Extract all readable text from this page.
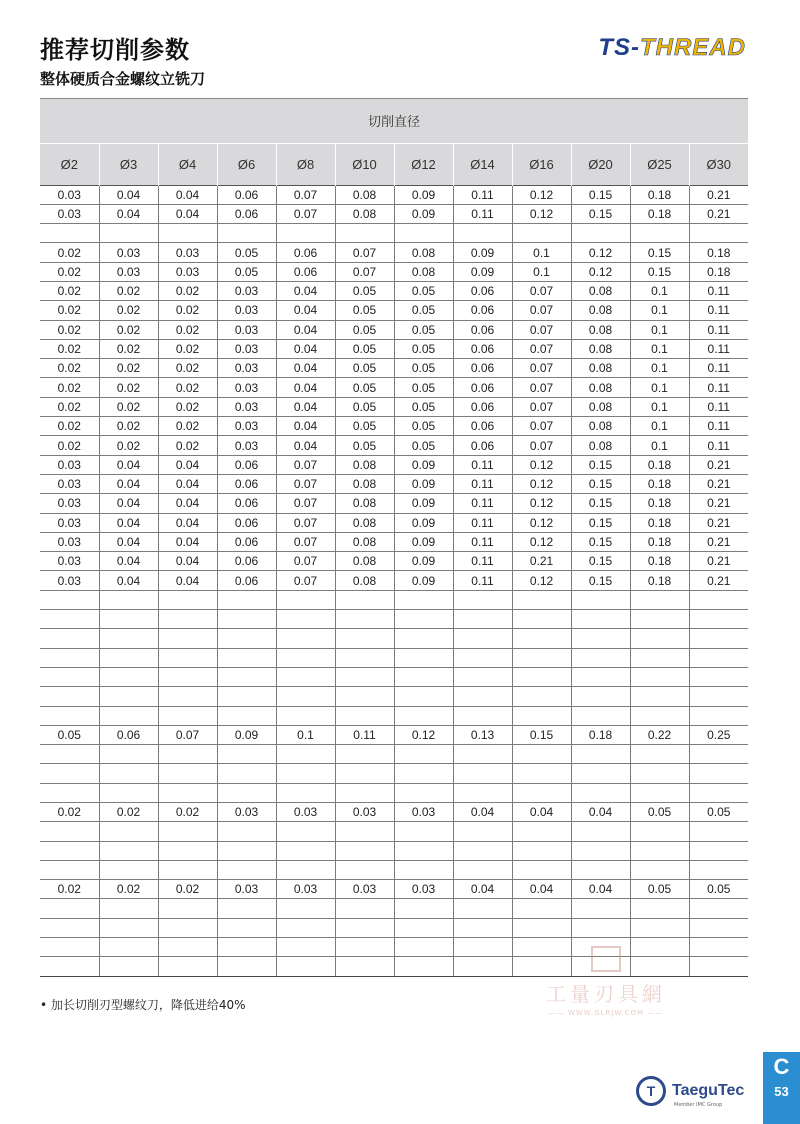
推荐切削参数
整体硬质合金螺纹立铣刀
TS-THREAD
切削直径											
Ø2	Ø3	Ø4	Ø6	Ø8	Ø10	Ø12	Ø14	Ø16	Ø20	Ø25	Ø30
0.03	0.04	0.04	0.06	0.07	0.08	0.09	0.11	0.12	0.15	0.18	0.21
0.03	0.04	0.04	0.06	0.07	0.08	0.09	0.11	0.12	0.15	0.18	0.21

0.02	0.03	0.03	0.05	0.06	0.07	0.08	0.09	0.1	0.12	0.15	0.18
0.02	0.03	0.03	0.05	0.06	0.07	0.08	0.09	0.1	0.12	0.15	0.18
0.02	0.02	0.02	0.03	0.04	0.05	0.05	0.06	0.07	0.08	0.1	0.11
0.02	0.02	0.02	0.03	0.04	0.05	0.05	0.06	0.07	0.08	0.1	0.11
0.02	0.02	0.02	0.03	0.04	0.05	0.05	0.06	0.07	0.08	0.1	0.11
0.02	0.02	0.02	0.03	0.04	0.05	0.05	0.06	0.07	0.08	0.1	0.11
0.02	0.02	0.02	0.03	0.04	0.05	0.05	0.06	0.07	0.08	0.1	0.11
0.02	0.02	0.02	0.03	0.04	0.05	0.05	0.06	0.07	0.08	0.1	0.11
0.02	0.02	0.02	0.03	0.04	0.05	0.05	0.06	0.07	0.08	0.1	0.11
0.02	0.02	0.02	0.03	0.04	0.05	0.05	0.06	0.07	0.08	0.1	0.11
0.02	0.02	0.02	0.03	0.04	0.05	0.05	0.06	0.07	0.08	0.1	0.11
0.03	0.04	0.04	0.06	0.07	0.08	0.09	0.11	0.12	0.15	0.18	0.21
0.03	0.04	0.04	0.06	0.07	0.08	0.09	0.11	0.12	0.15	0.18	0.21
0.03	0.04	0.04	0.06	0.07	0.08	0.09	0.11	0.12	0.15	0.18	0.21
0.03	0.04	0.04	0.06	0.07	0.08	0.09	0.11	0.12	0.15	0.18	0.21
0.03	0.04	0.04	0.06	0.07	0.08	0.09	0.11	0.12	0.15	0.18	0.21
0.03	0.04	0.04	0.06	0.07	0.08	0.09	0.11	0.21	0.15	0.18	0.21
0.03	0.04	0.04	0.06	0.07	0.08	0.09	0.11	0.12	0.15	0.18	0.21

0.05	0.06	0.07	0.09	0.1	0.11	0.12	0.13	0.15	0.18	0.22	0.25

0.02	0.02	0.02	0.03	0.03	0.03	0.03	0.04	0.04	0.04	0.05	0.05

0.02	0.02	0.02	0.03	0.03	0.03	0.03	0.04	0.04	0.04	0.05	0.05

• 加长切削刃型螺纹刀，降低进给40%	工量刃具網
—— WWW.GLRJW.COM ——
T	TaeguTec
Member IMC Group
C
53
